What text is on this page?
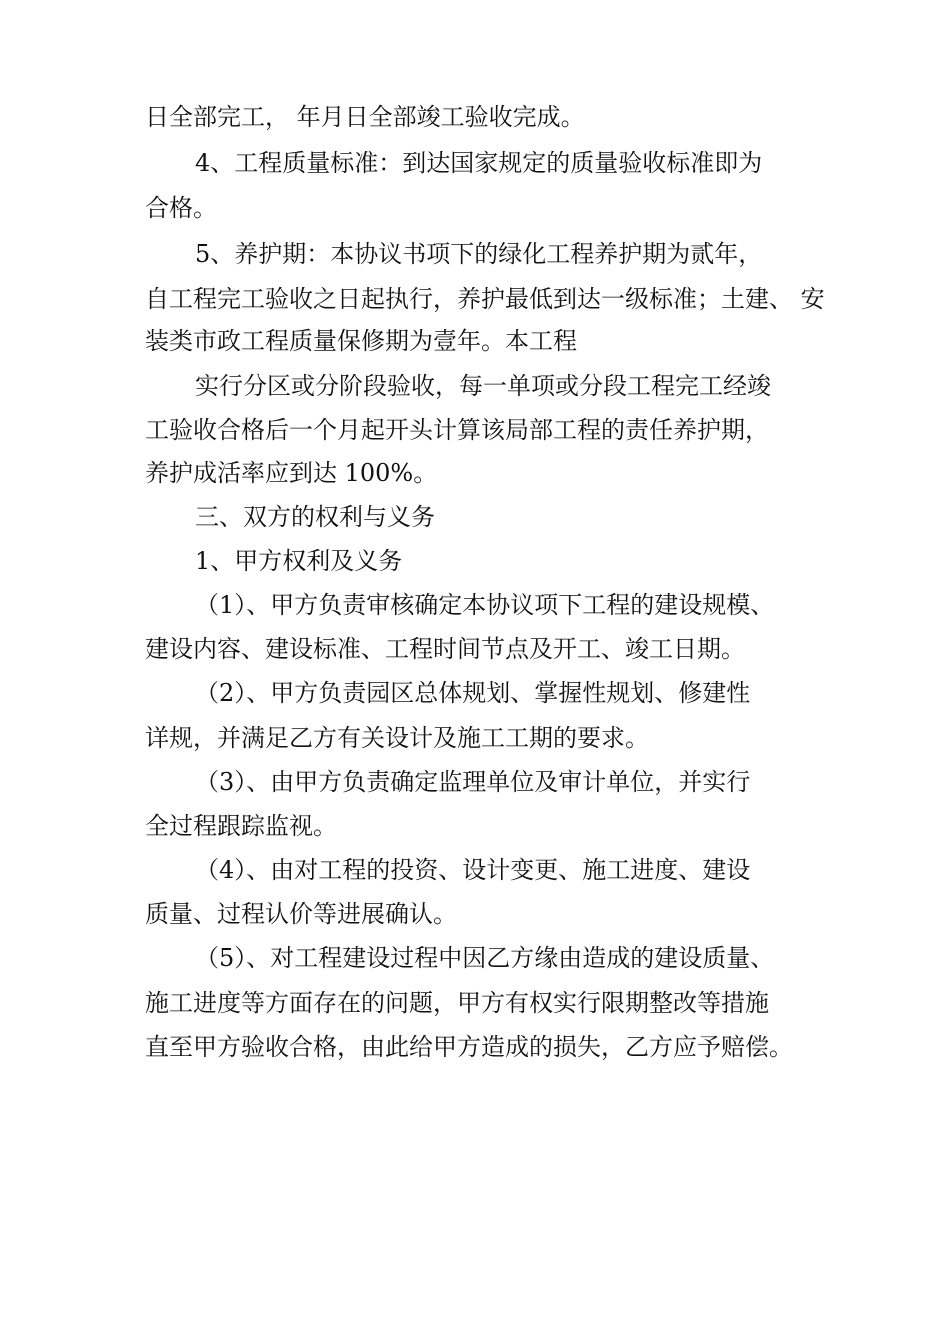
日全部完工， 年月日全部竣工验收完成。
4、工程质量标准：到达国家规定的质量验收标准即为
合格。
5、养护期：本协议书项下的绿化工程养护期为贰年，
自工程完工验收之日起执行，养护最低到达一级标准；土建、 安
装类市政工程质量保修期为壹年。本工程
实行分区或分阶段验收，每一单项或分段工程完工经竣
工验收合格后一个月起开头计算该局部工程的责任养护期，
养护成活率应到达 100%。
三、双方的权利与义务
1、甲方权利及义务
（1）、甲方负责审核确定本协议项下工程的建设规模、
建设内容、建设标准、工程时间节点及开工、竣工日期。
（2）、甲方负责园区总体规划、掌握性规划、修建性
详规，并满足乙方有关设计及施工工期的要求。
（3）、由甲方负责确定监理单位及审计单位，并实行
全过程跟踪监视。
（4）、由对工程的投资、设计变更、施工进度、建设
质量、过程认价等进展确认。
（5）、对工程建设过程中因乙方缘由造成的建设质量、
施工进度等方面存在的问题，甲方有权实行限期整改等措施
直至甲方验收合格，由此给甲方造成的损失，乙方应予赔偿。
